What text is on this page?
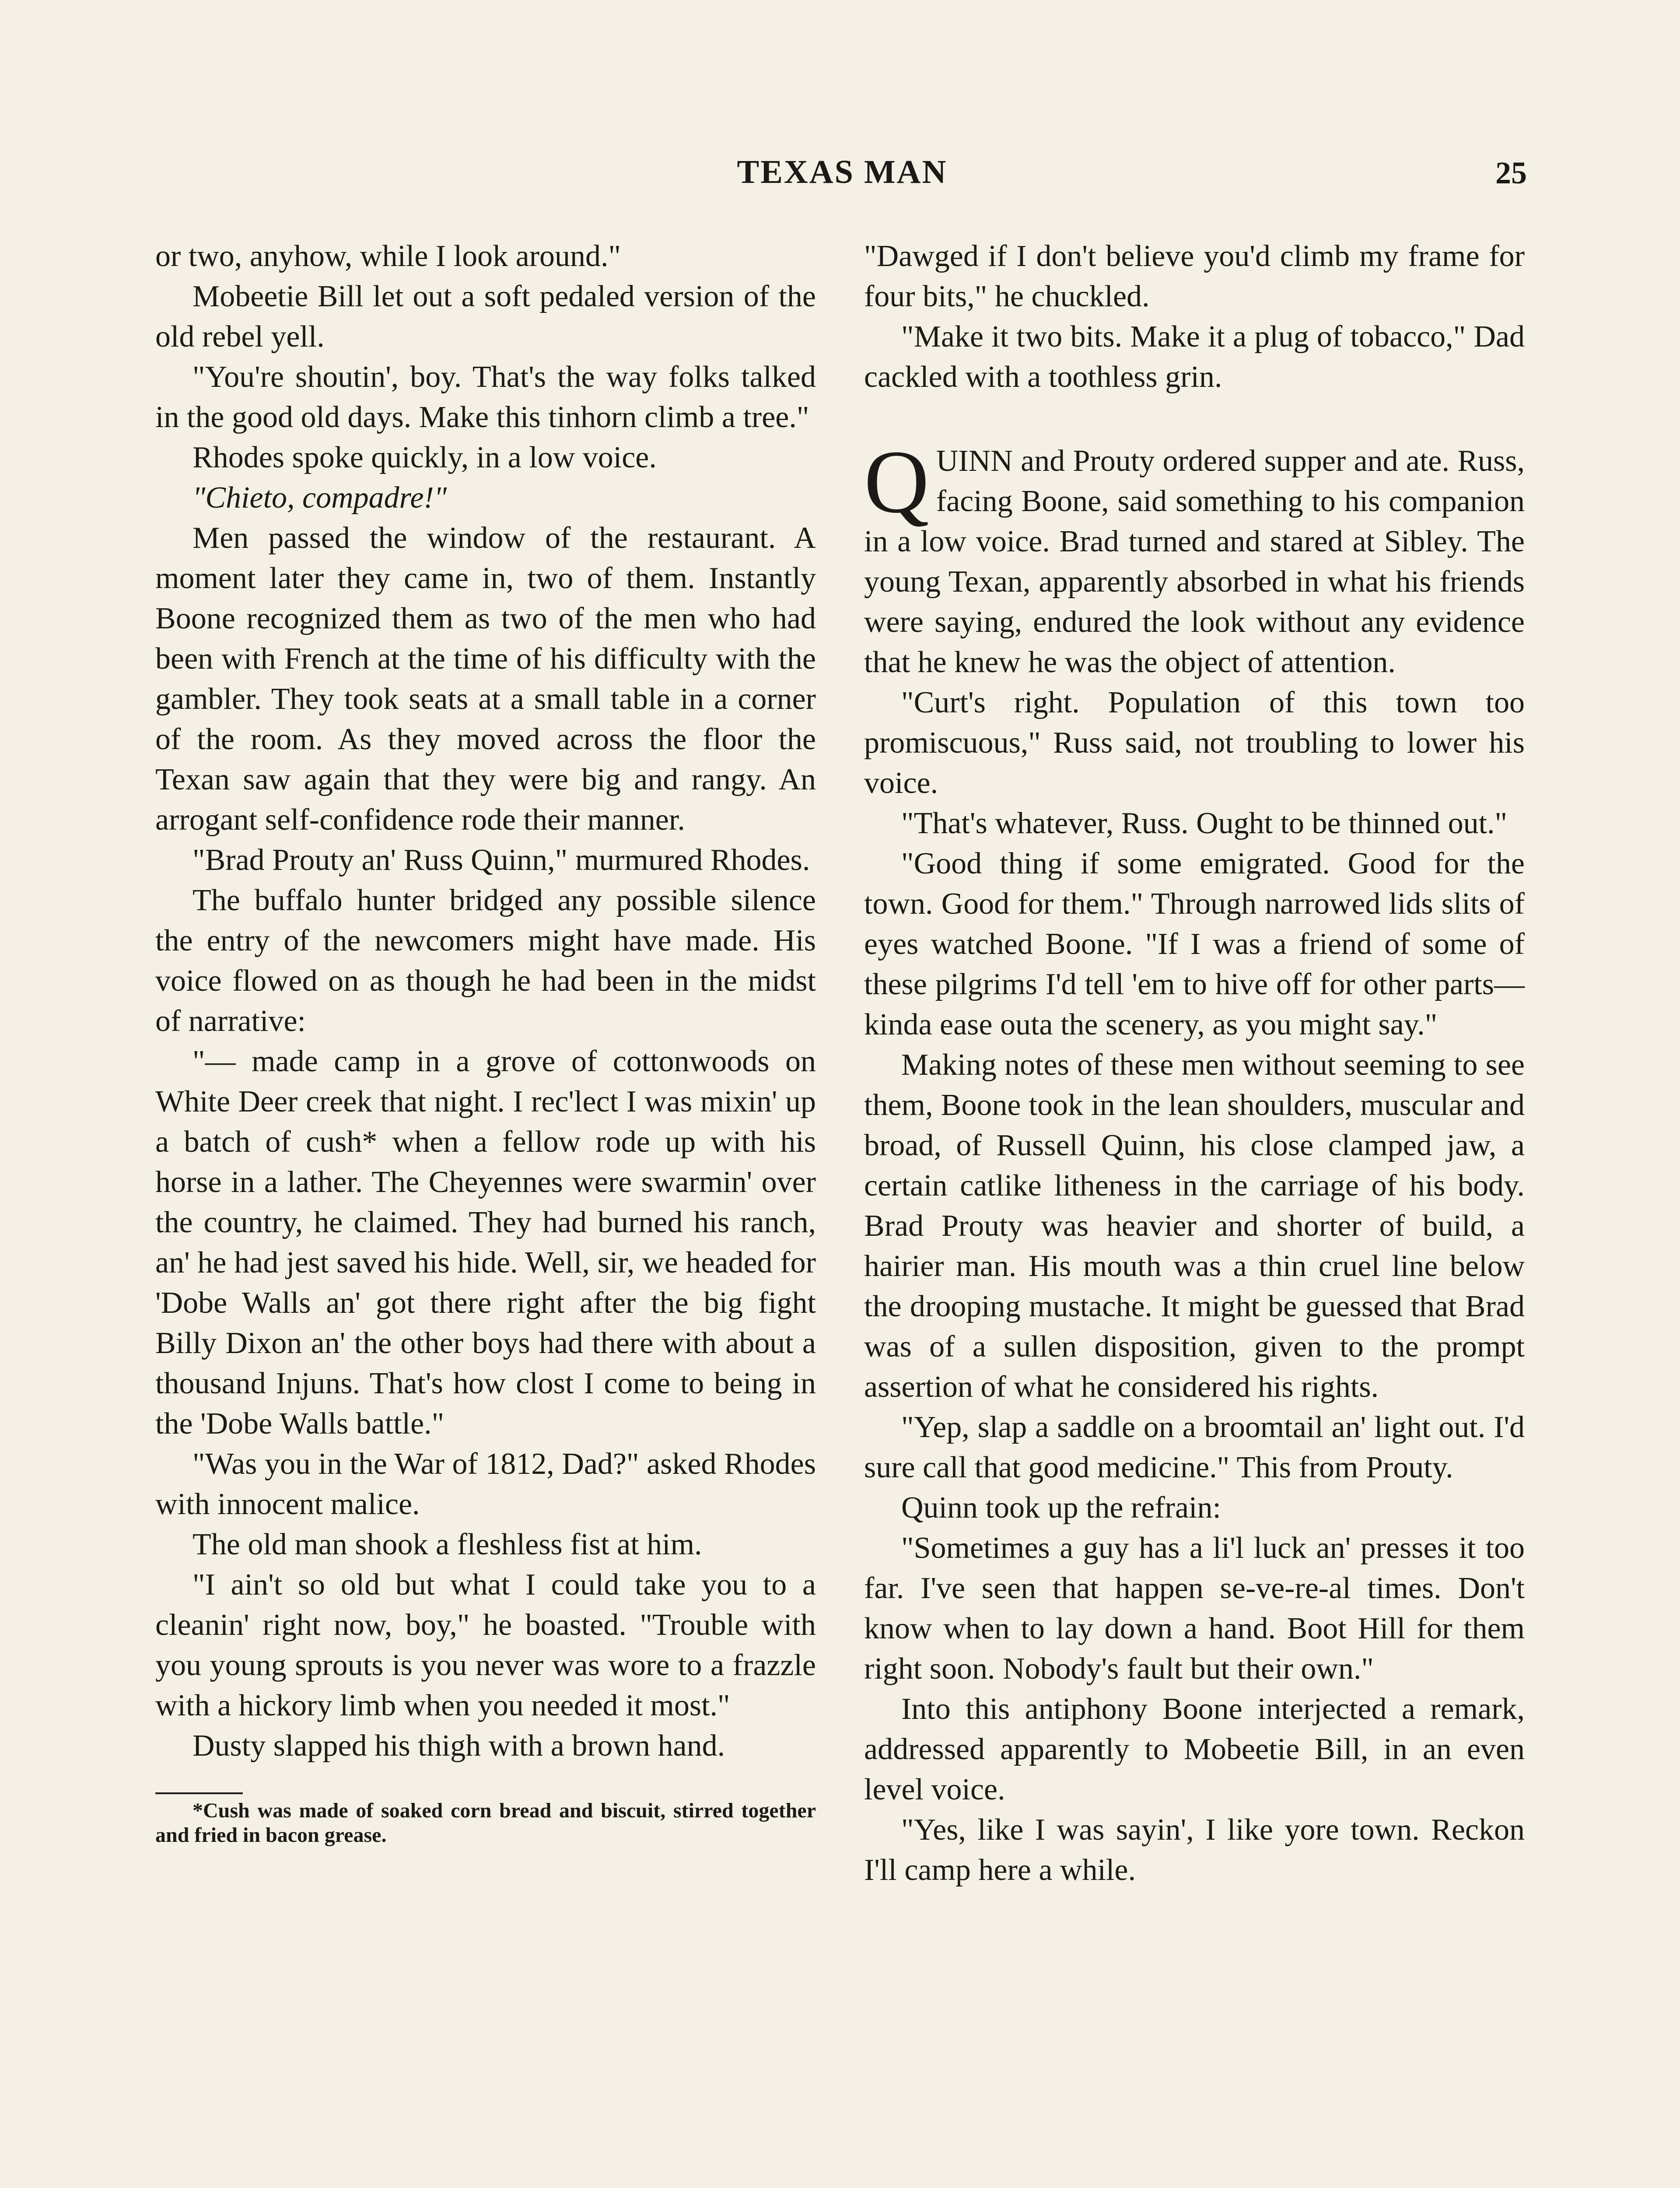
TEXAS MAN	25

or two, anyhow, while I look around."

Mobeetie Bill let out a soft pedaled version of the old rebel yell.

"You're shoutin', boy. That's the way folks talked in the good old days. Make this tinhorn climb a tree."

Rhodes spoke quickly, in a low voice.

"Chieto, compadre!"

Men passed the window of the restaurant. A moment later they came in, two of them. Instantly Boone recognized them as two of the men who had been with French at the time of his difficulty with the gambler. They took seats at a small table in a corner of the room. As they moved across the floor the Texan saw again that they were big and rangy. An arrogant self-confidence rode their manner.

"Brad Prouty an' Russ Quinn," murmured Rhodes.

The buffalo hunter bridged any possible silence the entry of the newcomers might have made. His voice flowed on as though he had been in the midst of narrative:

"— made camp in a grove of cottonwoods on White Deer creek that night. I rec'lect I was mixin' up a batch of cush* when a fellow rode up with his horse in a lather. The Cheyennes were swarmin' over the country, he claimed. They had burned his ranch, an' he had jest saved his hide. Well, sir, we headed for 'Dobe Walls an' got there right after the big fight Billy Dixon an' the other boys had there with about a thousand Injuns. That's how clost I come to being in the 'Dobe Walls battle."

"Was you in the War of 1812, Dad?" asked Rhodes with innocent malice.

The old man shook a fleshless fist at him.

"I ain't so old but what I could take you to a cleanin' right now, boy," he boasted. "Trouble with you young sprouts is you never was wore to a frazzle with a hickory limb when you needed it most."

Dusty slapped his thigh with a brown hand.

*Cush was made of soaked corn bread and biscuit, stirred together and fried in bacon grease.

"Dawged if I don't believe you'd climb my frame for four bits," he chuckled.

"Make it two bits. Make it a plug of tobacco," Dad cackled with a toothless grin.

QUINN and Prouty ordered supper and ate. Russ, facing Boone, said something to his companion in a low voice. Brad turned and stared at Sibley. The young Texan, apparently absorbed in what his friends were saying, endured the look without any evidence that he knew he was the object of attention.

"Curt's right. Population of this town too promiscuous," Russ said, not troubling to lower his voice.

"That's whatever, Russ. Ought to be thinned out."

"Good thing if some emigrated. Good for the town. Good for them." Through narrowed lids slits of eyes watched Boone. "If I was a friend of some of these pilgrims I'd tell 'em to hive off for other parts—kinda ease outa the scenery, as you might say."

Making notes of these men without seeming to see them, Boone took in the lean shoulders, muscular and broad, of Russell Quinn, his close clamped jaw, a certain catlike litheness in the carriage of his body. Brad Prouty was heavier and shorter of build, a hairier man. His mouth was a thin cruel line below the drooping mustache. It might be guessed that Brad was of a sullen disposition, given to the prompt assertion of what he considered his rights.

"Yep, slap a saddle on a broomtail an' light out. I'd sure call that good medicine." This from Prouty.

Quinn took up the refrain:

"Sometimes a guy has a li'l luck an' presses it too far. I've seen that happen se-ve-re-al times. Don't know when to lay down a hand. Boot Hill for them right soon. Nobody's fault but their own."

Into this antiphony Boone interjected a remark, addressed apparently to Mobeetie Bill, in an even level voice.

"Yes, like I was sayin', I like yore town. Reckon I'll camp here a while.
